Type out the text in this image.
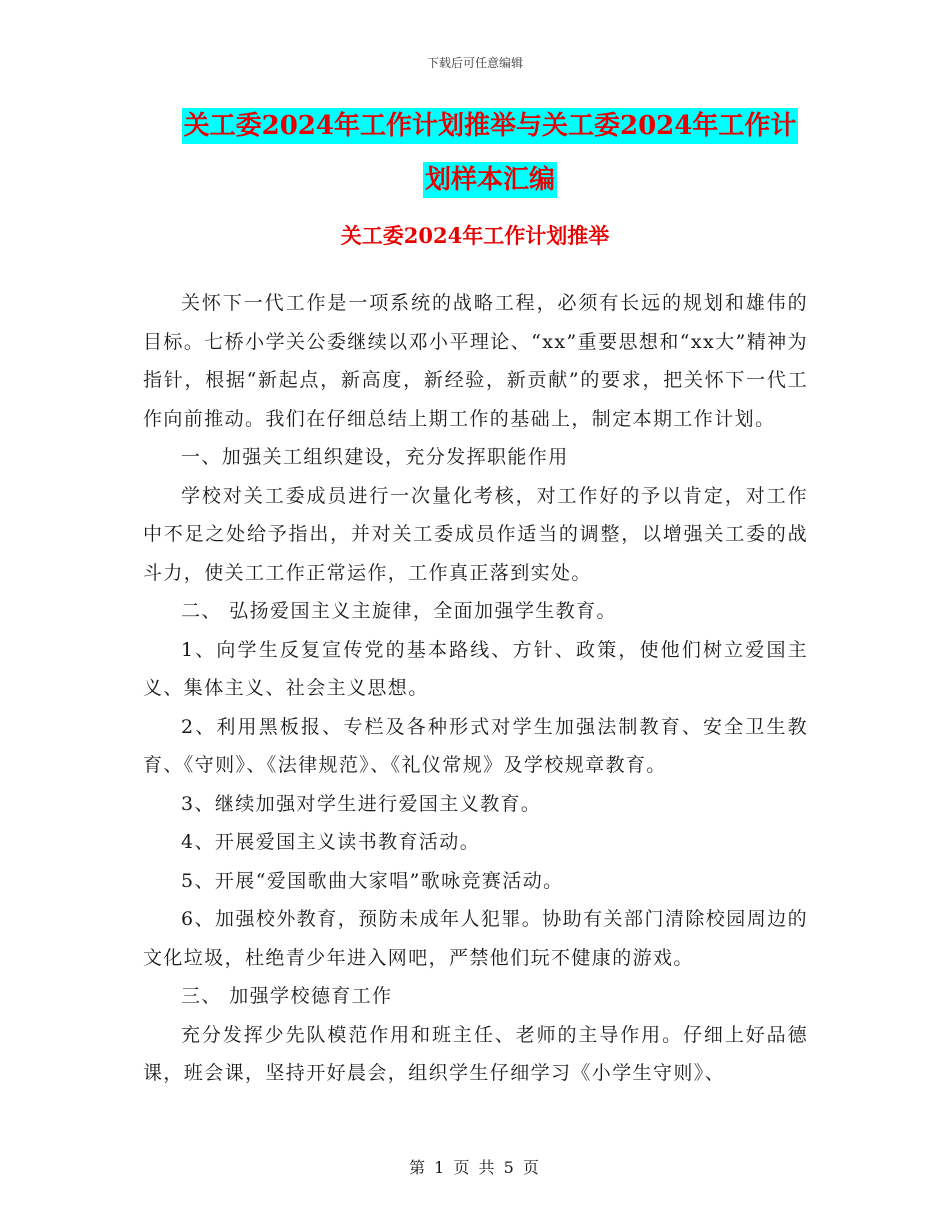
下载后可任意编辑
关工委2024年工作计划推举与关工委2024年工作计
划样本汇编
关工委2024年工作计划推举

关怀下一代工作是一项系统的战略工程，必须有长远的规划和雄伟的目标。七桥小学关公委继续以邓小平理论、“xx”重要思想和“xx大”精神为指针，根据“新起点，新高度，新经验，新贡献”的要求，把关怀下一代工作向前推动。我们在仔细总结上期工作的基础上，制定本期工作计划。

一、加强关工组织建设，充分发挥职能作用

学校对关工委成员进行一次量化考核，对工作好的予以肯定，对工作中不足之处给予指出，并对关工委成员作适当的调整，以增强关工委的战斗力，使关工工作正常运作，工作真正落到实处。

二、 弘扬爱国主义主旋律，全面加强学生教育。

1、向学生反复宣传党的基本路线、方针、政策，使他们树立爱国主义、集体主义、社会主义思想。

2、利用黑板报、专栏及各种形式对学生加强法制教育、安全卫生教育、《守则》、《法律规范》、《礼仪常规》及学校规章教育。

3、继续加强对学生进行爱国主义教育。

4、开展爱国主义读书教育活动。

5、开展“爱国歌曲大家唱”歌咏竞赛活动。

6、加强校外教育，预防未成年人犯罪。协助有关部门清除校园周边的文化垃圾，杜绝青少年进入网吧，严禁他们玩不健康的游戏。

三、 加强学校德育工作

充分发挥少先队模范作用和班主任、老师的主导作用。仔细上好品德课，班会课，坚持开好晨会，组织学生仔细学习《小学生守则》、

第 1 页 共 5 页
